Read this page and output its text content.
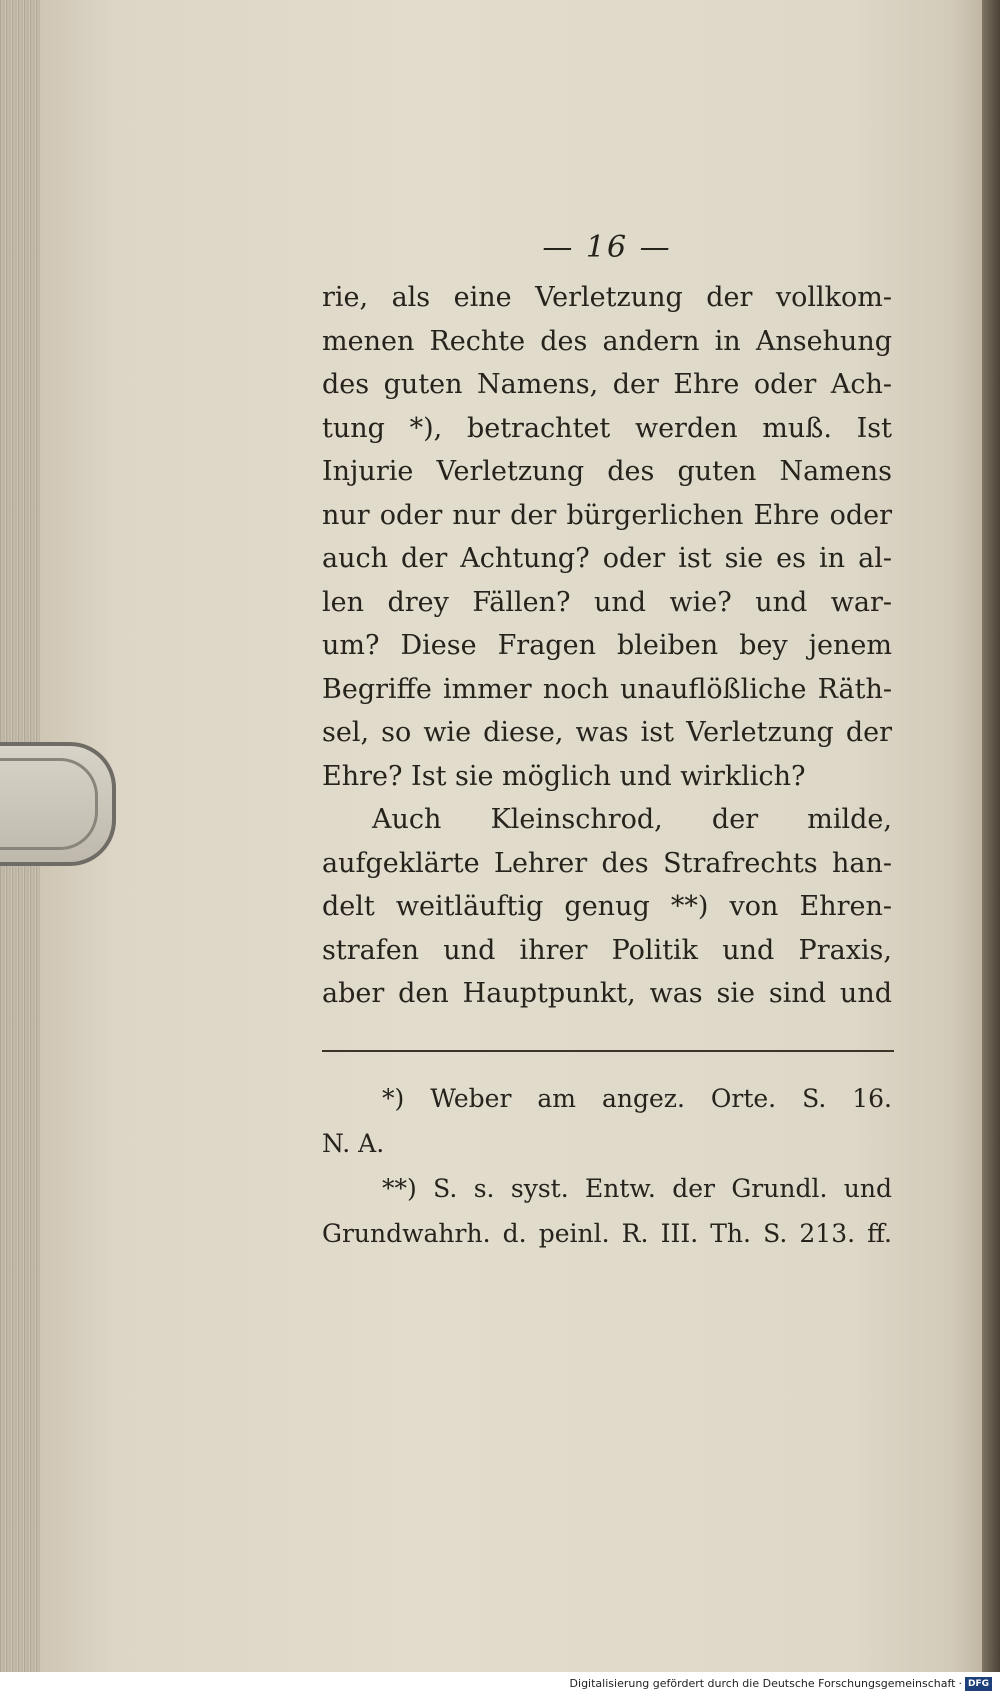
— 16 —
rie, als eine Verletzung der vollkom-
menen Rechte des andern in Ansehung
des guten Namens, der Ehre oder Ach-
tung *), betrachtet werden muß. Ist
Injurie Verletzung des guten Namens
nur oder nur der bürgerlichen Ehre oder
auch der Achtung? oder ist sie es in al-
len drey Fällen? und wie? und war-
um? Diese Fragen bleiben bey jenem
Begriffe immer noch unauflößliche Räth-
sel, so wie diese, was ist Verletzung der
Ehre? Ist sie möglich und wirklich?
Auch Kleinschrod, der milde,
aufgeklärte Lehrer des Strafrechts han-
delt weitläuftig genug **) von Ehren-
strafen und ihrer Politik und Praxis,
aber den Hauptpunkt, was sie sind und
*) Weber am angez. Orte. S. 16.
N. A.
**) S. s. syst. Entw. der Grundl. und
Grundwahrh. d. peinl. R. III. Th. S. 213. ff.
Digitalisierung gefördert durch die Deutsche Forschungsgemeinschaft · DFG
